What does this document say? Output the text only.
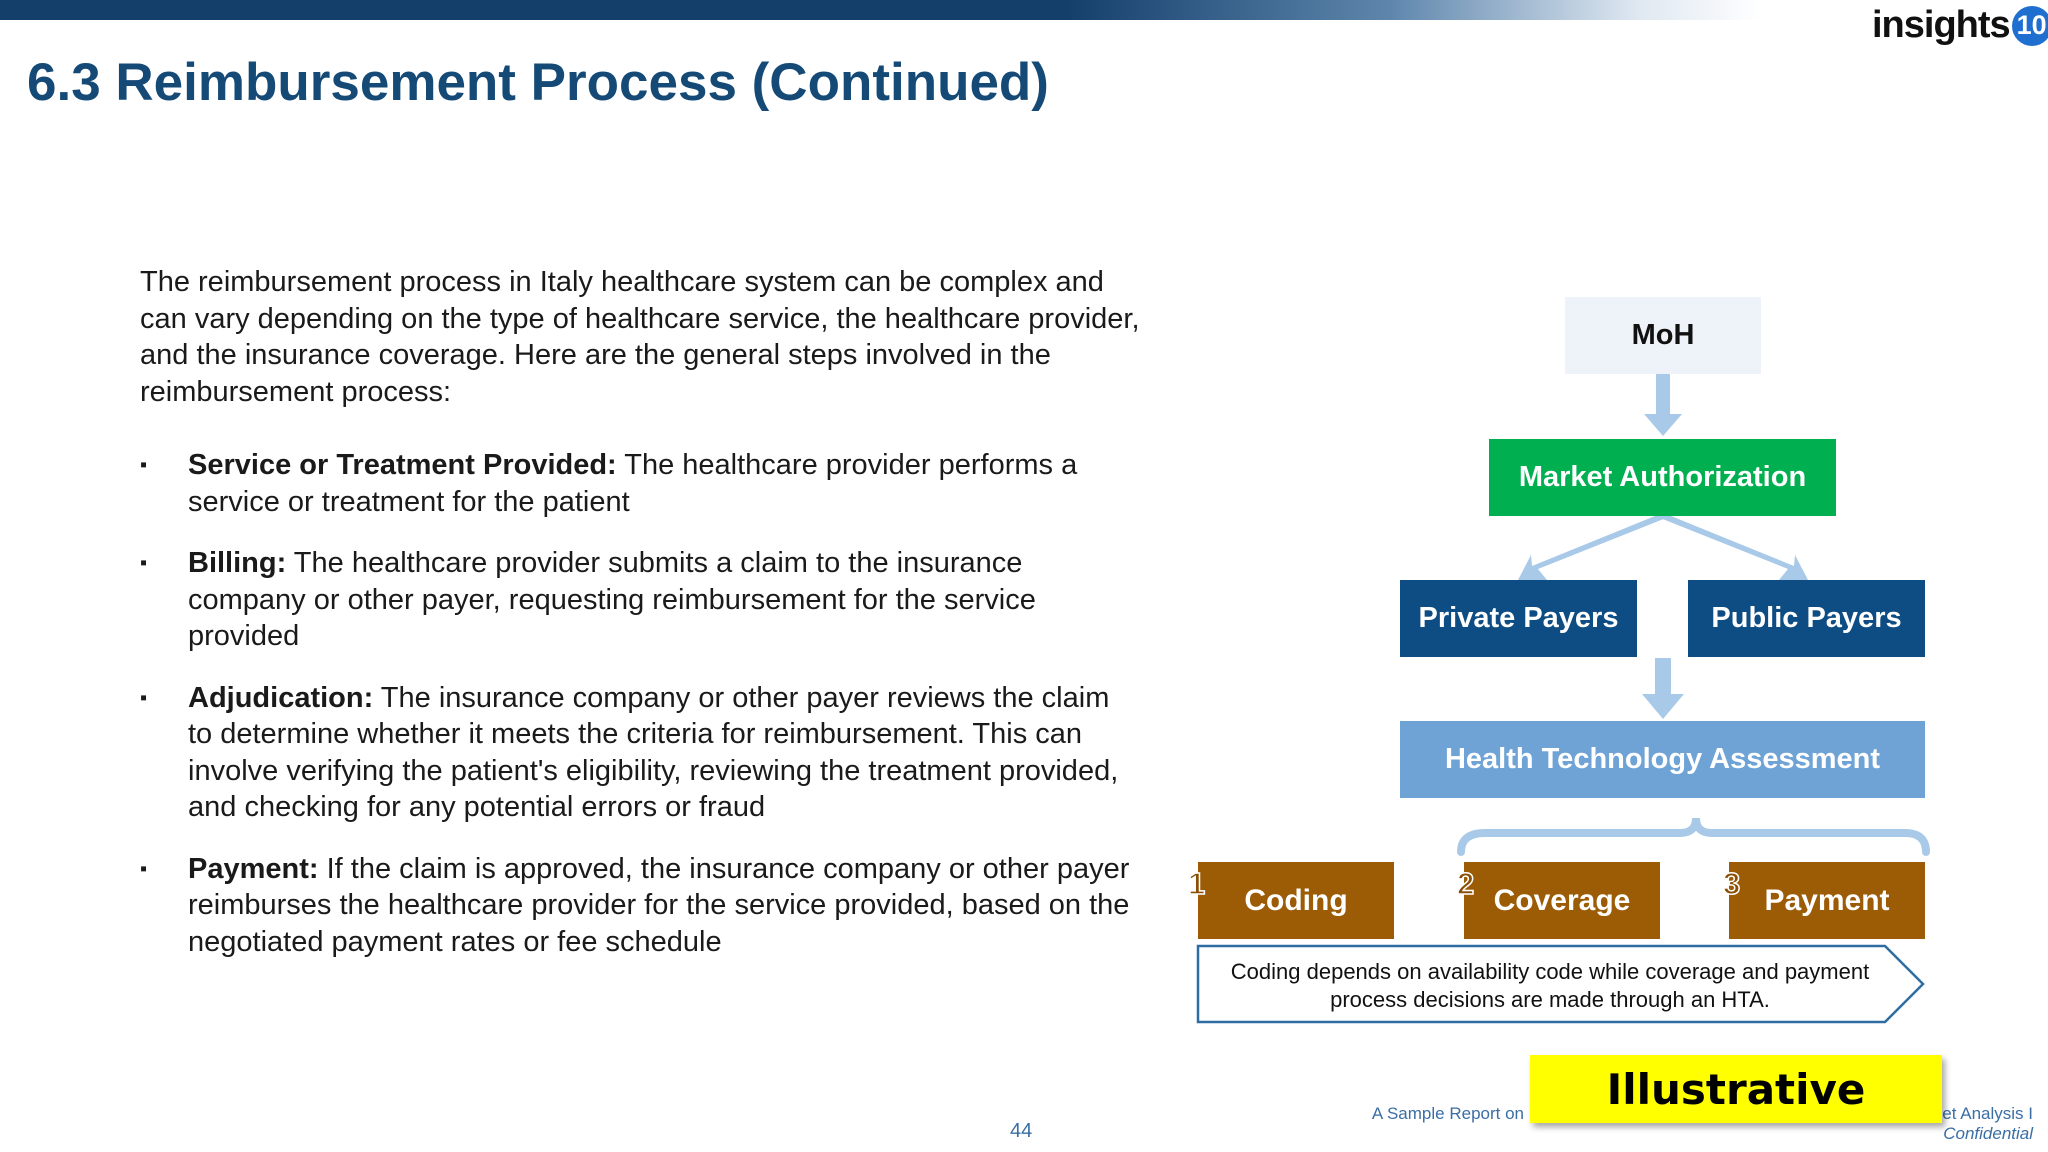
insights 10
6.3 Reimbursement Process (Continued)

The reimbursement process in Italy healthcare system can be complex and can vary depending on the type of healthcare service, the healthcare provider, and the insurance coverage. Here are the general steps involved in the reimbursement process:

▪ Service or Treatment Provided: The healthcare provider performs a service or treatment for the patient
▪ Billing: The healthcare provider submits a claim to the insurance company or other payer, requesting reimbursement for the service provided
▪ Adjudication: The insurance company or other payer reviews the claim to determine whether it meets the criteria for reimbursement. This can involve verifying the patient's eligibility, reviewing the treatment provided, and checking for any potential errors or fraud
▪ Payment: If the claim is approved, the insurance company or other payer reimburses the healthcare provider for the service provided, based on the negotiated payment rates or fee schedule
MoH
Market Authorization
Private Payers	Public Payers
Health Technology Assessment
Coding	Coverage	Payment
1	2	3
Coding depends on availability code while coverage and payment process decisions are made through an HTA.
A Sample Report on	et Analysis I
Confidential
44
Illustrative
